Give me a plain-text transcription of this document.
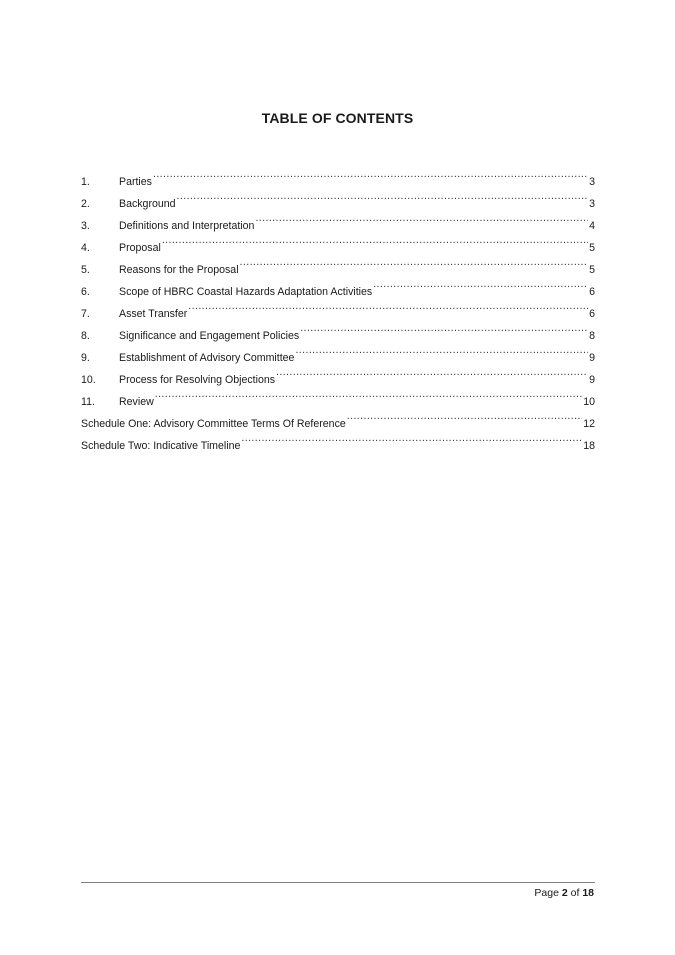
TABLE OF CONTENTS
1.	Parties .....	3
2.	Background .....	3
3.	Definitions and Interpretation .....	4
4.	Proposal .....	5
5.	Reasons for the Proposal .....	5
6.	Scope of HBRC Coastal Hazards Adaptation Activities .....	6
7.	Asset Transfer .....	6
8.	Significance and Engagement Policies .....	8
9.	Establishment of Advisory Committee .....	9
10.	Process for Resolving Objections .....	9
11.	Review .....	10
Schedule One: Advisory Committee Terms Of Reference .....	12
Schedule Two: Indicative Timeline .....	18
Page 2 of 18
